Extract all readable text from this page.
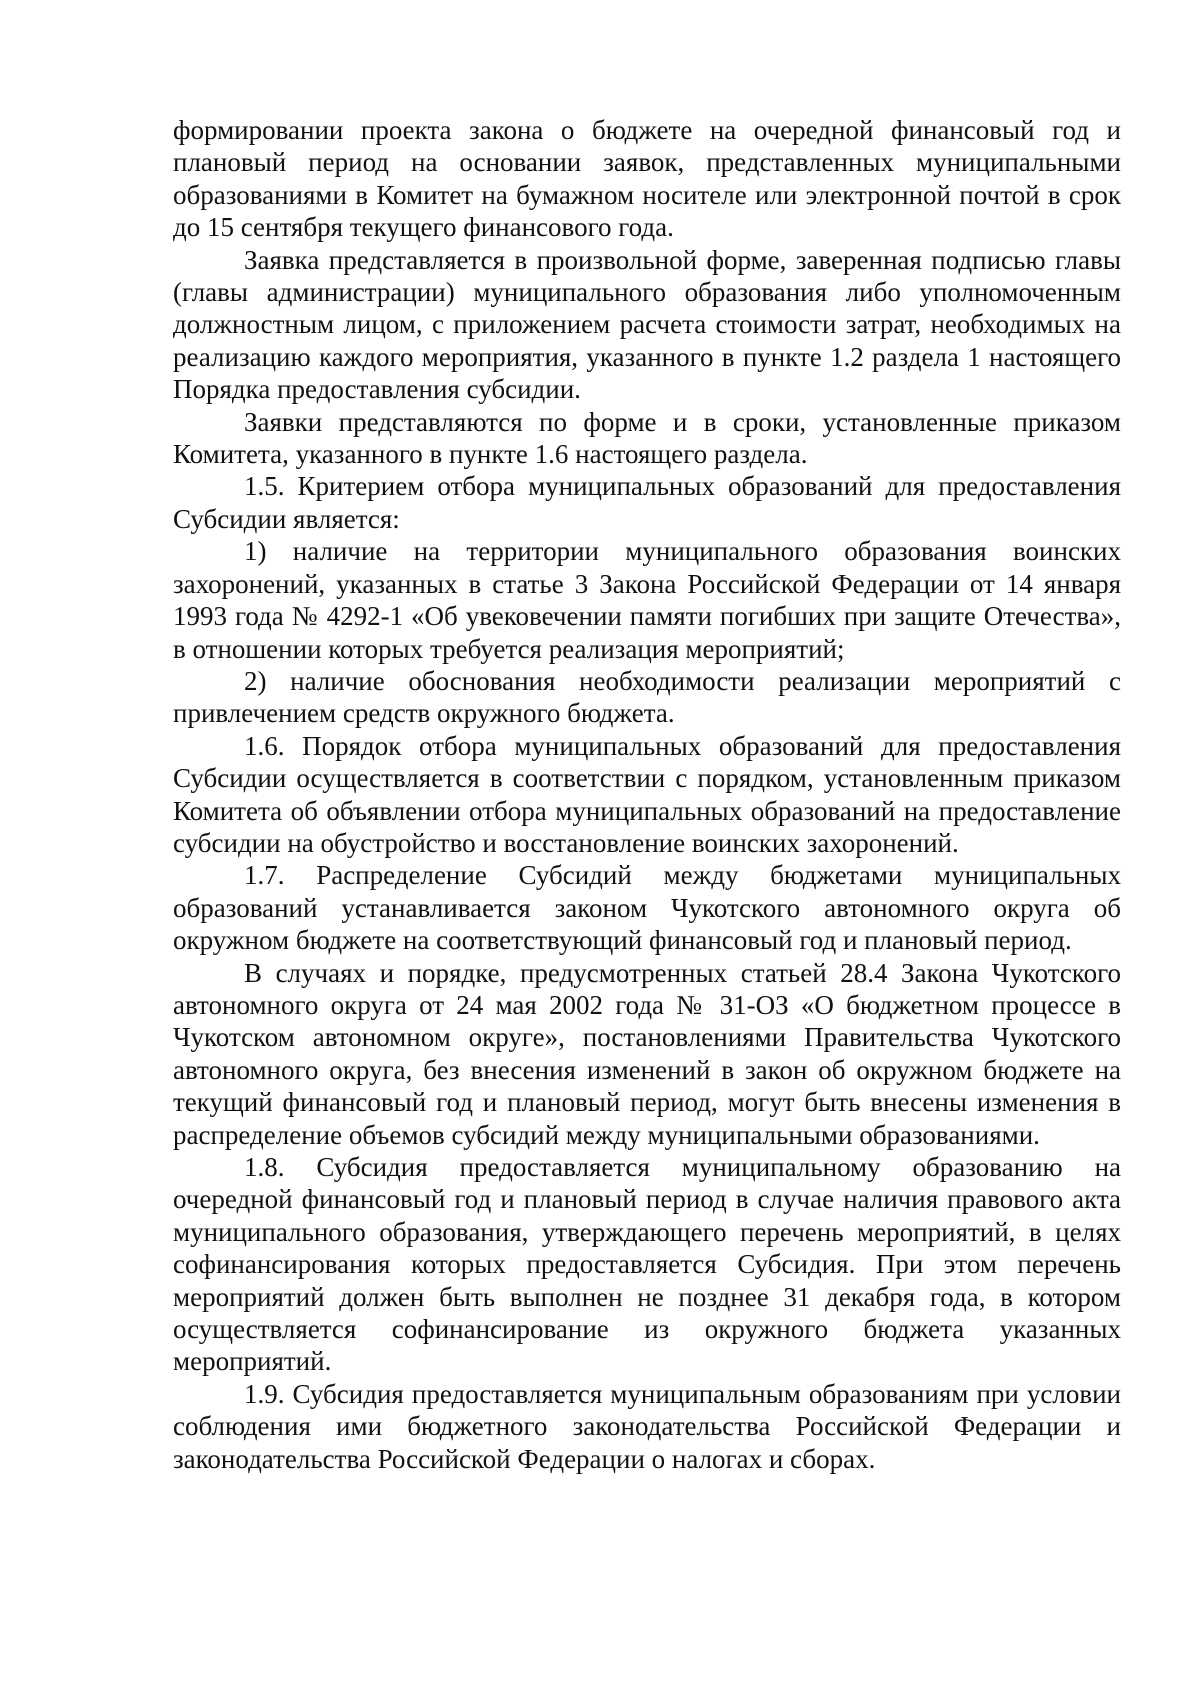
формировании проекта закона о бюджете на очередной финансовый год и плановый период на основании заявок, представленных муниципальными образованиями в Комитет на бумажном носителе или электронной почтой в срок до 15 сентября текущего финансового года.

Заявка представляется в произвольной форме, заверенная подписью главы (главы администрации) муниципального образования либо уполномоченным должностным лицом, с приложением расчета стоимости затрат, необходимых на реализацию каждого мероприятия, указанного в пункте 1.2 раздела 1 настоящего Порядка предоставления субсидии.

Заявки представляются по форме и в сроки, установленные приказом Комитета, указанного в пункте 1.6 настоящего раздела.

1.5. Критерием отбора муниципальных образований для предоставления Субсидии является:

1) наличие на территории муниципального образования воинских захоронений, указанных в статье 3 Закона Российской Федерации от 14 января 1993 года № 4292-1 «Об увековечении памяти погибших при защите Отечества», в отношении которых требуется реализация мероприятий;

2) наличие обоснования необходимости реализации мероприятий с привлечением средств окружного бюджета.

1.6. Порядок отбора муниципальных образований для предоставления Субсидии осуществляется в соответствии с порядком, установленным приказом Комитета об объявлении отбора муниципальных образований на предоставление субсидии на обустройство и восстановление воинских захоронений.

1.7. Распределение Субсидий между бюджетами муниципальных образований устанавливается законом Чукотского автономного округа об окружном бюджете на соответствующий финансовый год и плановый период.

В случаях и порядке, предусмотренных статьей 28.4 Закона Чукотского автономного округа от 24 мая 2002 года № 31-ОЗ «О бюджетном процессе в Чукотском автономном округе», постановлениями Правительства Чукотского автономного округа, без внесения изменений в закон об окружном бюджете на текущий финансовый год и плановый период, могут быть внесены изменения в распределение объемов субсидий между муниципальными образованиями.

1.8. Субсидия предоставляется муниципальному образованию на очередной финансовый год и плановый период в случае наличия правового акта муниципального образования, утверждающего перечень мероприятий, в целях софинансирования которых предоставляется Субсидия. При этом перечень мероприятий должен быть выполнен не позднее 31 декабря года, в котором осуществляется софинансирование из окружного бюджета указанных мероприятий.

1.9. Субсидия предоставляется муниципальным образованиям при условии соблюдения ими бюджетного законодательства Российской Федерации и законодательства Российской Федерации о налогах и сборах.
